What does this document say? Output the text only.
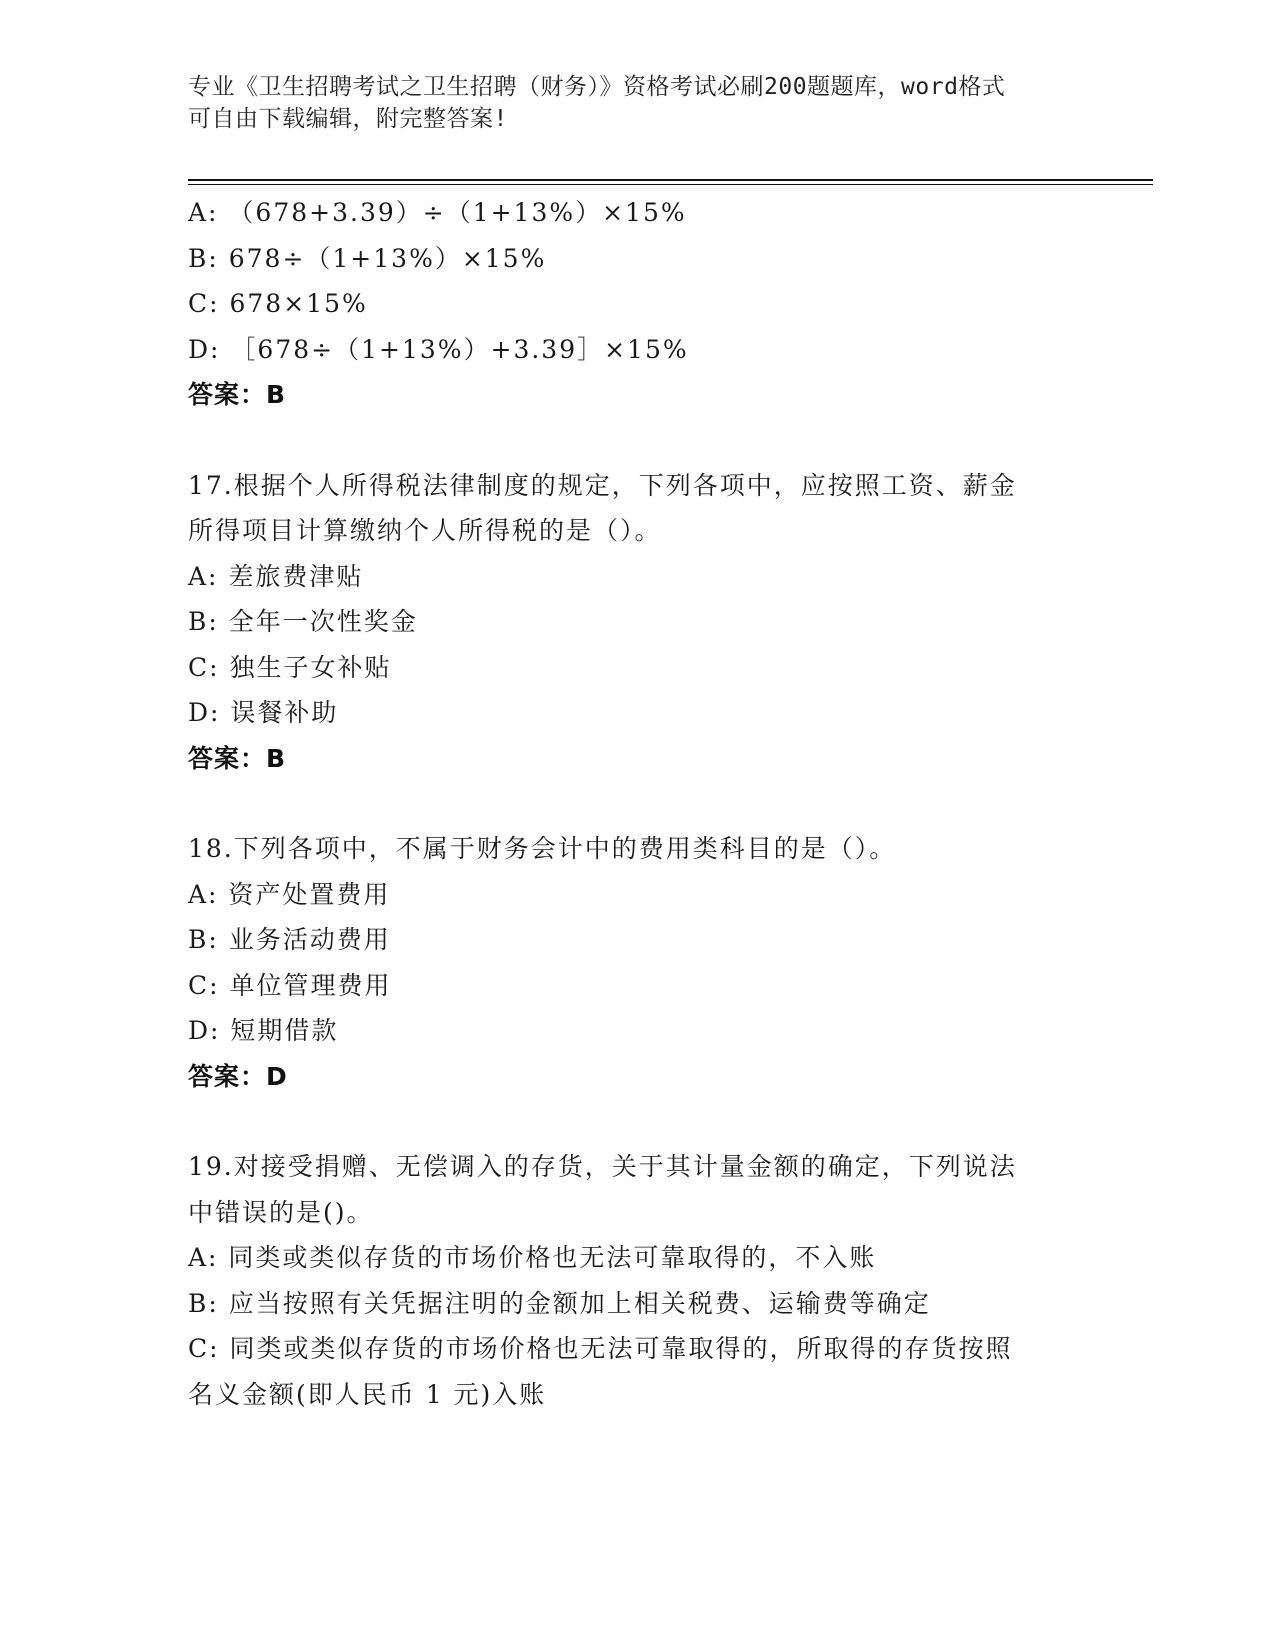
专业《卫生招聘考试之卫生招聘（财务）》资格考试必刷200题题库，word格式
可自由下载编辑，附完整答案!
A: （678+3.39）÷（1+13%）×15%
B: 678÷（1+13%）×15%
C: 678×15%
D: ［678÷（1+13%）+3.39］×15%
答案：B
17.根据个人所得税法律制度的规定，下列各项中，应按照工资、薪金
所得项目计算缴纳个人所得税的是（）。
A: 差旅费津贴
B: 全年一次性奖金
C: 独生子女补贴
D: 误餐补助
答案：B
18.下列各项中，不属于财务会计中的费用类科目的是（）。
A: 资产处置费用
B: 业务活动费用
C: 单位管理费用
D: 短期借款
答案：D
19.对接受捐赠、无偿调入的存货，关于其计量金额的确定，下列说法
中错误的是()。
A: 同类或类似存货的市场价格也无法可靠取得的，不入账
B: 应当按照有关凭据注明的金额加上相关税费、运输费等确定
C: 同类或类似存货的市场价格也无法可靠取得的，所取得的存货按照
名义金额(即人民币 1 元)入账
